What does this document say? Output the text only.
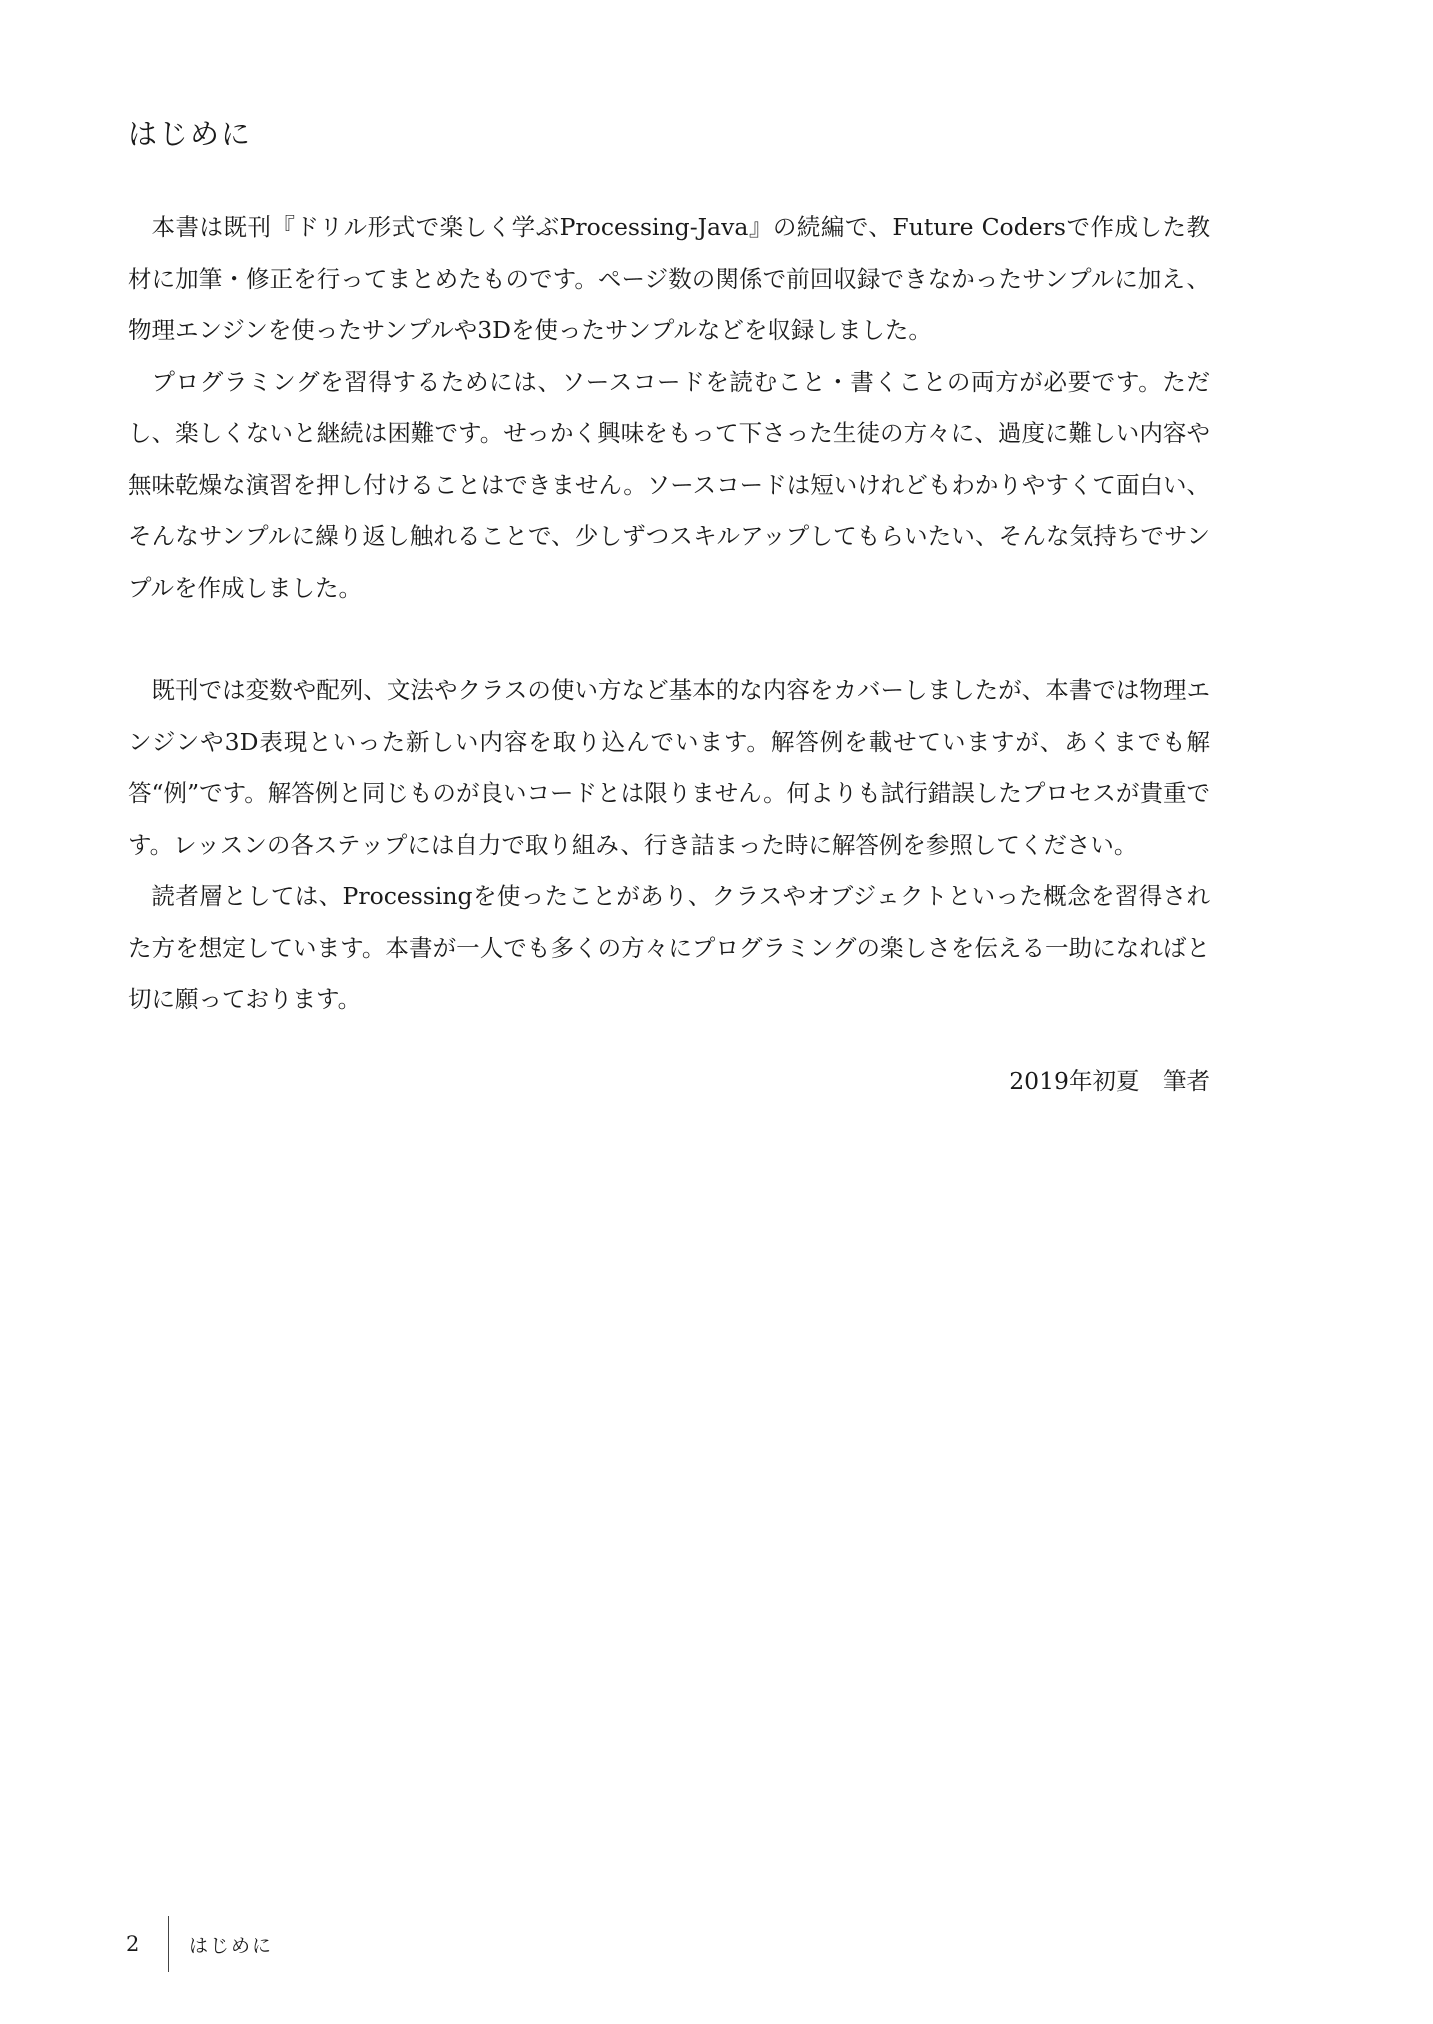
はじめに

本書は既刊『ドリル形式で楽しく学ぶProcessing-Java』の続編で、Future Codersで作成した教材に加筆・修正を行ってまとめたものです。ページ数の関係で前回収録できなかったサンプルに加え、物理エンジンを使ったサンプルや3Dを使ったサンプルなどを収録しました。

プログラミングを習得するためには、ソースコードを読むこと・書くことの両方が必要です。ただし、楽しくないと継続は困難です。せっかく興味をもって下さった生徒の方々に、過度に難しい内容や無味乾燥な演習を押し付けることはできません。ソースコードは短いけれどもわかりやすくて面白い、そんなサンプルに繰り返し触れることで、少しずつスキルアップしてもらいたい、そんな気持ちでサンプルを作成しました。

既刊では変数や配列、文法やクラスの使い方など基本的な内容をカバーしましたが、本書では物理エンジンや3D表現といった新しい内容を取り込んでいます。解答例を載せていますが、あくまでも解答“例”です。解答例と同じものが良いコードとは限りません。何よりも試行錯誤したプロセスが貴重です。レッスンの各ステップには自力で取り組み、行き詰まった時に解答例を参照してください。

読者層としては、Processingを使ったことがあり、クラスやオブジェクトといった概念を習得された方を想定しています。本書が一人でも多くの方々にプログラミングの楽しさを伝える一助になればと切に願っております。

2019年初夏　筆者
2	はじめに
